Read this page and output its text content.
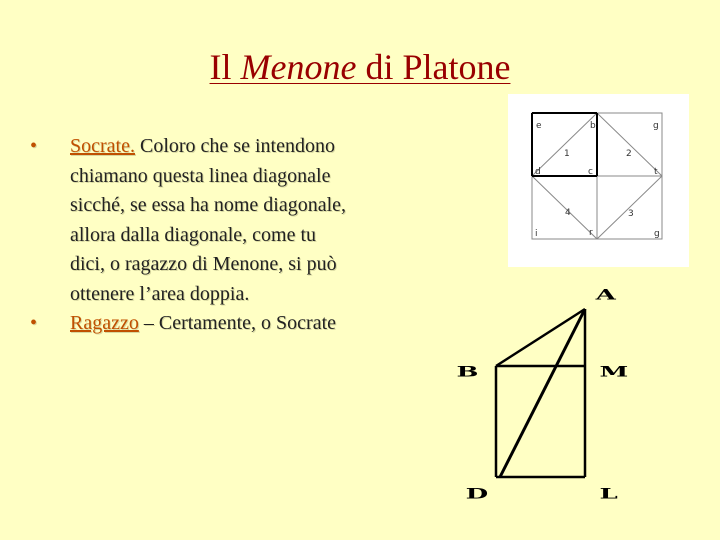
Il Menone di Platone
• Socrate. Coloro che se intendono chiamano questa linea diagonale sicché, se essa ha nome diagonale, allora dalla diagonale, come tu dici, o ragazzo di Menone, si può ottenere l’area doppia.
• Ragazzo – Certamente, o Socrate
e	b	g
d	c	t
i	r	g
1	2
3
4
A
B	M
D	L
